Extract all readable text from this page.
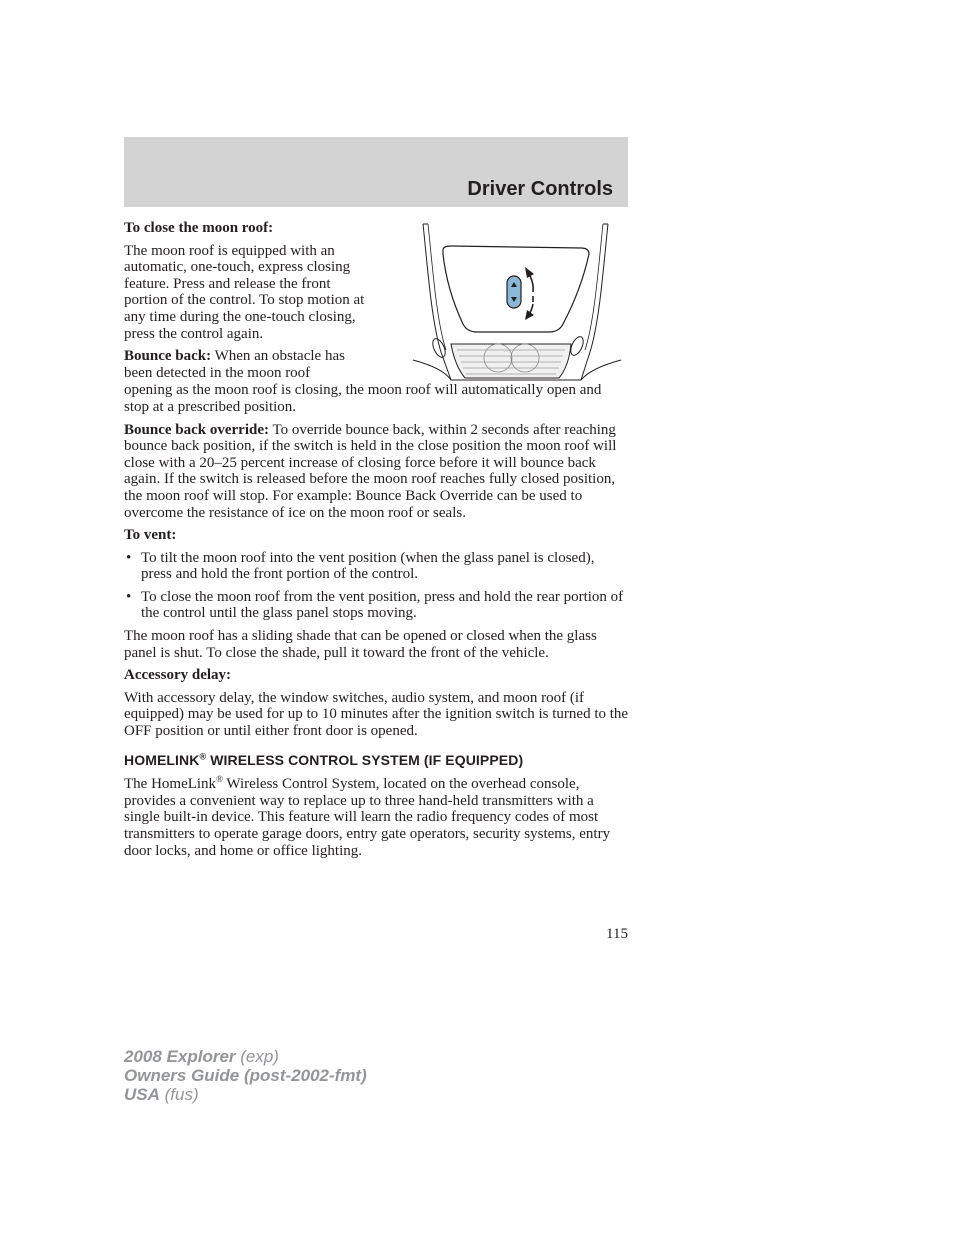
Driver Controls

To close the moon roof:

The moon roof is equipped with an automatic, one-touch, express closing feature. Press and release the front portion of the control. To stop motion at any time during the one-touch closing, press the control again.

Bounce back: When an obstacle has been detected in the moon roof

opening as the moon roof is closing, the moon roof will automatically open and stop at a prescribed position.

Bounce back override: To override bounce back, within 2 seconds after reaching bounce back position, if the switch is held in the close position the moon roof will close with a 20–25 percent increase of closing force before it will bounce back again. If the switch is released before the moon roof reaches fully closed position, the moon roof will stop. For example: Bounce Back Override can be used to overcome the resistance of ice on the moon roof or seals.

To vent:

• To tilt the moon roof into the vent position (when the glass panel is closed), press and hold the front portion of the control.
• To close the moon roof from the vent position, press and hold the rear portion of the control until the glass panel stops moving.

The moon roof has a sliding shade that can be opened or closed when the glass panel is shut. To close the shade, pull it toward the front of the vehicle.

Accessory delay:

With accessory delay, the window switches, audio system, and moon roof (if equipped) may be used for up to 10 minutes after the ignition switch is turned to the OFF position or until either front door is opened.

HOMELINK® WIRELESS CONTROL SYSTEM (IF EQUIPPED)

The HomeLink® Wireless Control System, located on the overhead console, provides a convenient way to replace up to three hand-held transmitters with a single built-in device. This feature will learn the radio frequency codes of most transmitters to operate garage doors, entry gate operators, security systems, entry door locks, and home or office lighting.

115
2008 Explorer (exp)
Owners Guide (post-2002-fmt)
USA (fus)
